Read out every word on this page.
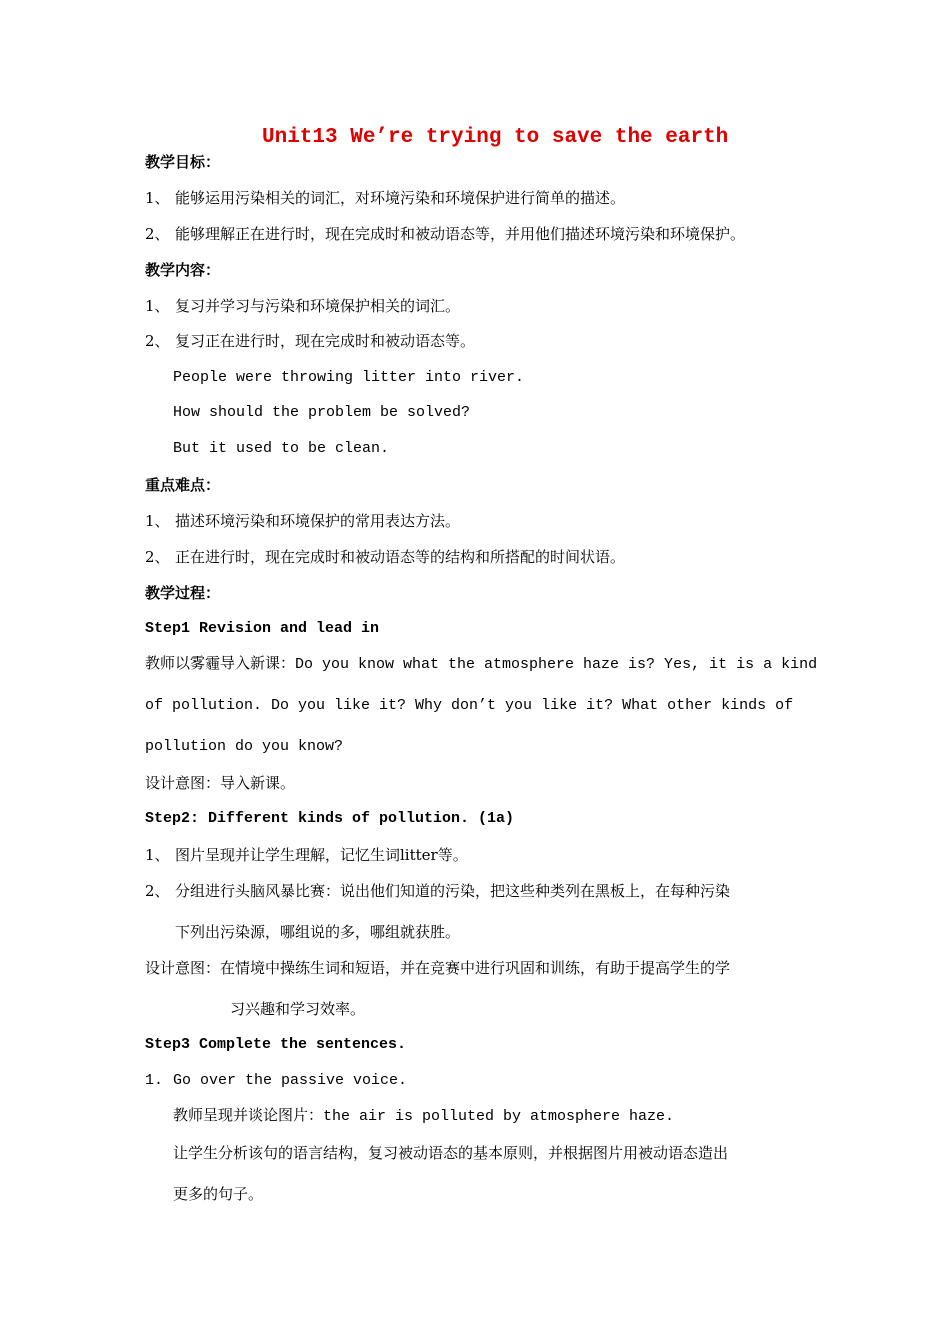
Unit13 We’re trying to save the earth
教学目标：
1、 能够运用污染相关的词汇，对环境污染和环境保护进行简单的描述。
2、 能够理解正在进行时，现在完成时和被动语态等，并用他们描述环境污染和环境保护。
教学内容：
1、 复习并学习与污染和环境保护相关的词汇。
2、 复习正在进行时，现在完成时和被动语态等。
People were throwing litter into river.
How should the problem be solved?
But it used to be clean.
重点难点：
1、 描述环境污染和环境保护的常用表达方法。
2、 正在进行时，现在完成时和被动语态等的结构和所搭配的时间状语。
教学过程：
Step1 Revision and lead in
教师以雾霾导入新课：Do you know what the atmosphere haze is? Yes, it is a kind
of pollution. Do you like it? Why don’t you like it? What other kinds of
pollution do you know?
设计意图：导入新课。
Step2: Different kinds of pollution. (1a)
1、 图片呈现并让学生理解，记忆生词litter等。
2、 分组进行头脑风暴比赛：说出他们知道的污染，把这些种类列在黑板上，在每种污染
下列出污染源，哪组说的多，哪组就获胜。
设计意图：在情境中操练生词和短语，并在竞赛中进行巩固和训练，有助于提高学生的学
习兴趣和学习效率。
Step3 Complete the sentences.
1. Go over the passive voice.
教师呈现并谈论图片：the air is polluted by atmosphere haze.
让学生分析该句的语言结构，复习被动语态的基本原则，并根据图片用被动语态造出
更多的句子。
